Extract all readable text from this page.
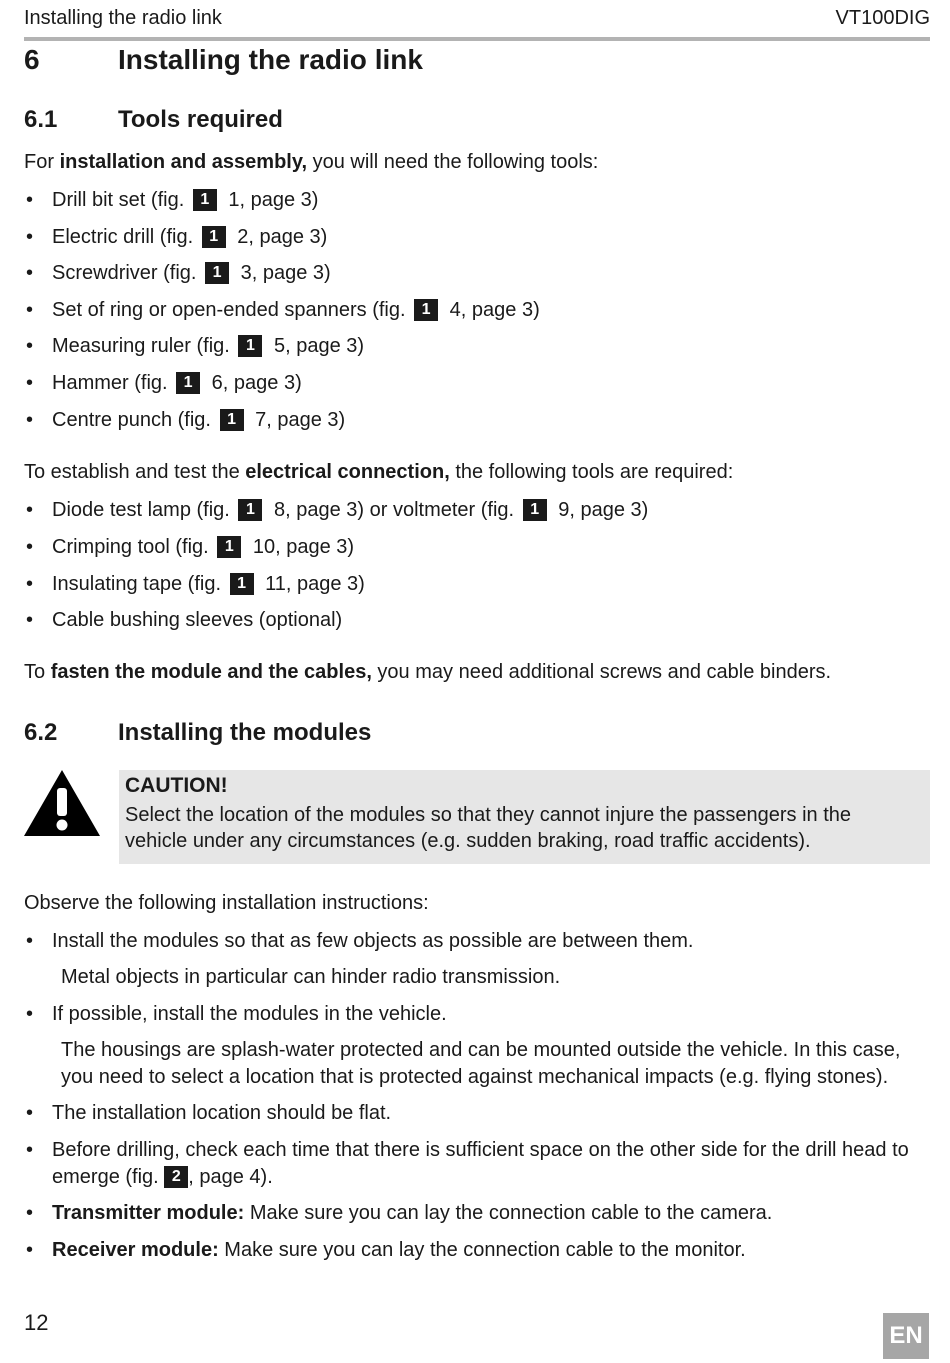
Installing the radio link	VT100DIG
6	Installing the radio link
6.1	Tools required

For installation and assembly, you will need the following tools:

• Drill bit set (fig. 1 1, page 3)
• Electric drill (fig. 1 2, page 3)
• Screwdriver (fig. 1 3, page 3)
• Set of ring or open-ended spanners (fig. 1 4, page 3)
• Measuring ruler (fig. 1 5, page 3)
• Hammer (fig. 1 6, page 3)
• Centre punch (fig. 1 7, page 3)

To establish and test the electrical connection, the following tools are required:

• Diode test lamp (fig. 1 8, page 3) or voltmeter (fig. 1 9, page 3)
• Crimping tool (fig. 1 10, page 3)
• Insulating tape (fig. 1 11, page 3)
• Cable bushing sleeves (optional)

To fasten the module and the cables, you may need additional screws and cable binders.

6.2	Installing the modules
CAUTION!
Select the location of the modules so that they cannot injure the passengers in the vehicle under any circumstances (e.g. sudden braking, road traffic accidents).

Observe the following installation instructions:

• Install the modules so that as few objects as possible are between them.
Metal objects in particular can hinder radio transmission.
• If possible, install the modules in the vehicle.
The housings are splash-water protected and can be mounted outside the vehicle. In this case, you need to select a location that is protected against mechanical impacts (e.g. flying stones).
• The installation location should be flat.
• Before drilling, check each time that there is sufficient space on the other side for the drill head to emerge (fig. 2 , page 4).
• Transmitter module: Make sure you can lay the connection cable to the camera.
• Receiver module: Make sure you can lay the connection cable to the monitor.
12	EN
